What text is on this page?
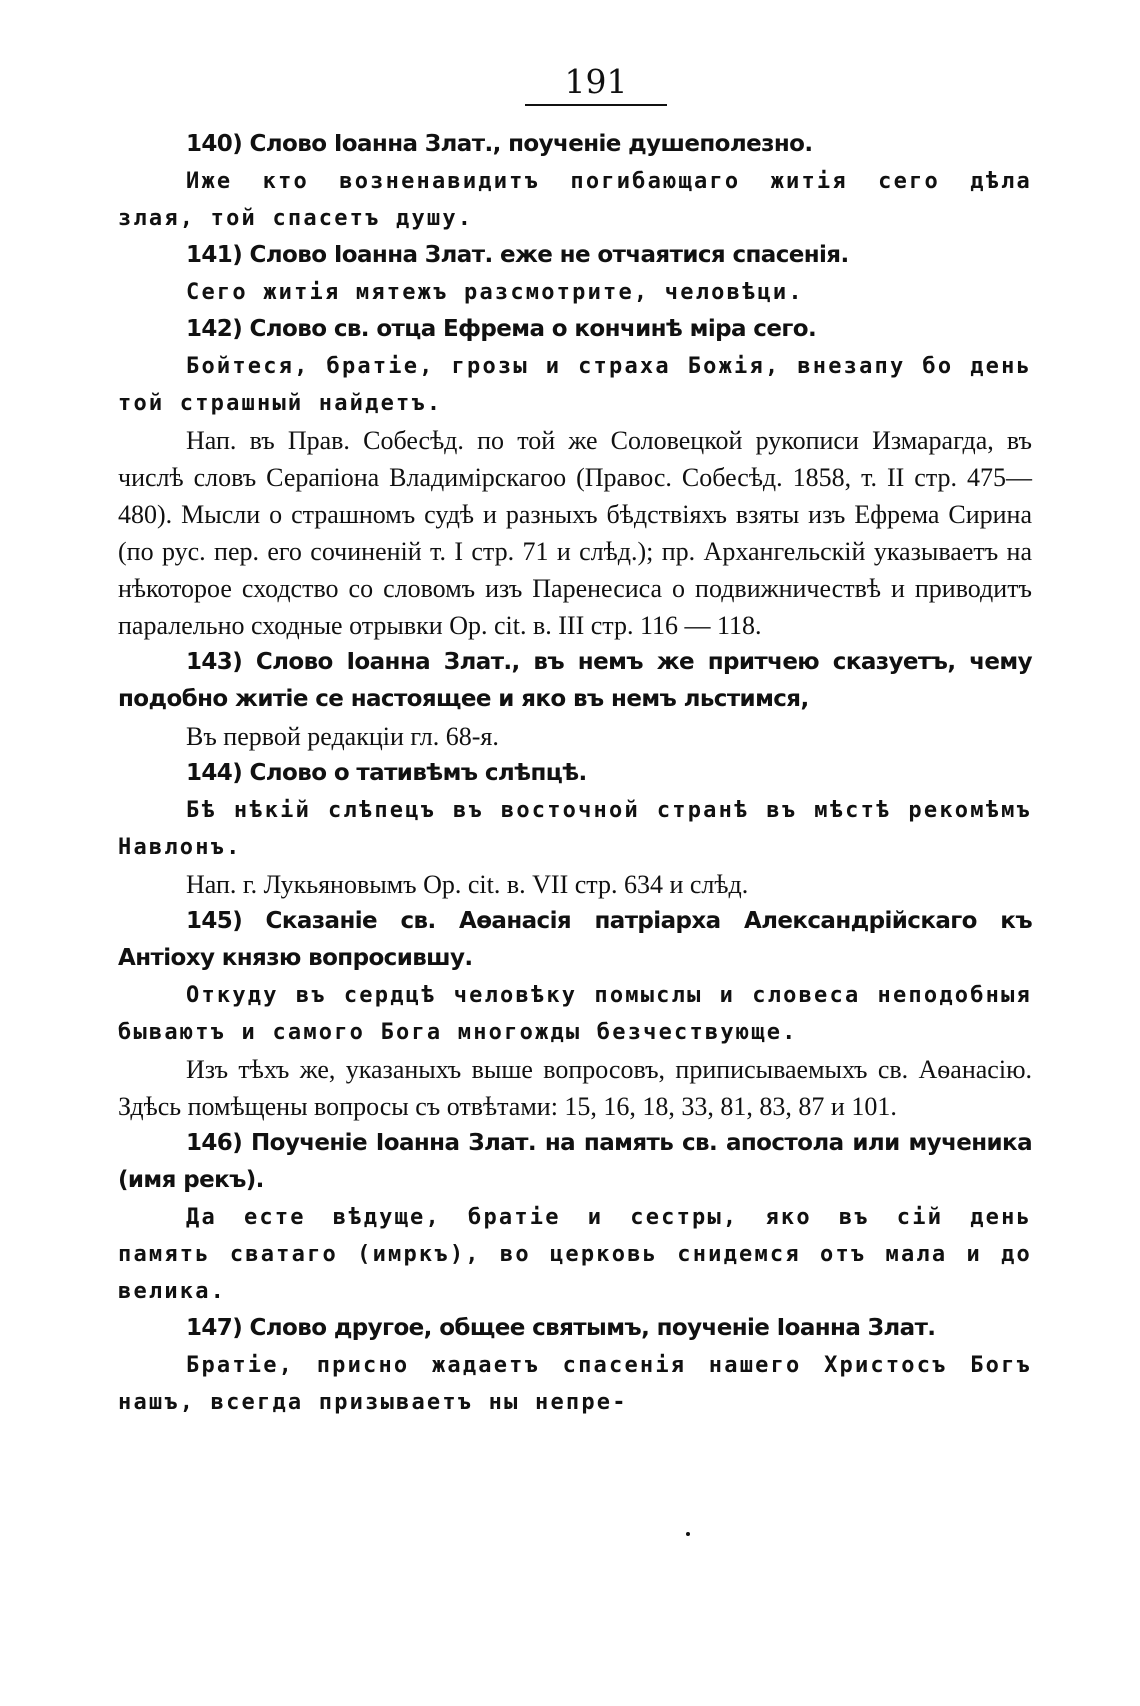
191

140) Слово Іоанна Злат., поученіе душеполезно.

Иже кто возненавидитъ погибающаго житія сего дѣла злая, той спасетъ душу.

141) Слово Іоанна Злат. еже не отчаятися спасенія.

Сего житія мятежъ разсмотрите, человѣци.

142) Слово св. отца Ефрема о кончинѣ міра сего.

Бойтеся, братіе, грозы и страха Божія, внезапу бо день той страшный найдетъ.

Нап. въ Прав. Собесѣд. по той же Соловецкой рукописи Измарагда, въ числѣ словъ Серапіона Владимірскагоо (Правос. Собесѣд. 1858, т. II стр. 475—480). Мысли о страшномъ судѣ и разныхъ бѣдствіяхъ взяты изъ Ефрема Сирина (по рус. пер. его сочиненій т. I стр. 71 и слѣд.); пр. Архангельскій указываетъ на нѣкоторое сходство со словомъ изъ Паренесиса о подвижничествѣ и приводитъ паралельно сходные отрывки Ор. cit. в. III стр. 116 — 118.

143) Слово Іоанна Злат., въ немъ же притчею сказуетъ, чему подобно житіе се настоящее и яко въ немъ льстимся,

Въ первой редакціи гл. 68-я.

144) Слово о тативѣмъ слѣпцѣ.

Бѣ нѣкій слѣпецъ въ восточной странѣ въ мѣстѣ рекомѣмъ Навлонъ.

Нап. г. Лукьяновымъ Ор. cit. в. VII стр. 634 и слѣд.

145) Сказаніе св. Аѳанасія патріарха Александрійскаго къ Антіоху князю вопросившу.

Откуду въ сердцѣ человѣку помыслы и словеса неподобныя бываютъ и самого Бога многожды безчествующе.

Изъ тѣхъ же, указаныхъ выше вопросовъ, приписываемыхъ св. Аѳанасію. Здѣсь помѣщены вопросы съ отвѣтами: 15, 16, 18, 33, 81, 83, 87 и 101.

146) Поученіе Іоанна Злат. на память св. апостола или мученика (имя рекъ).

Да есте вѣдуще, братіе и сестры, яко въ сій день память сватаго (имркъ), во церковь снидемся отъ мала и до велика.

147) Слово другое, общее святымъ, поученіе Іоанна Злат.

Братіе, присно жадаетъ спасенія нашего Христосъ Богъ нашъ, всегда призываетъ ны непре-
